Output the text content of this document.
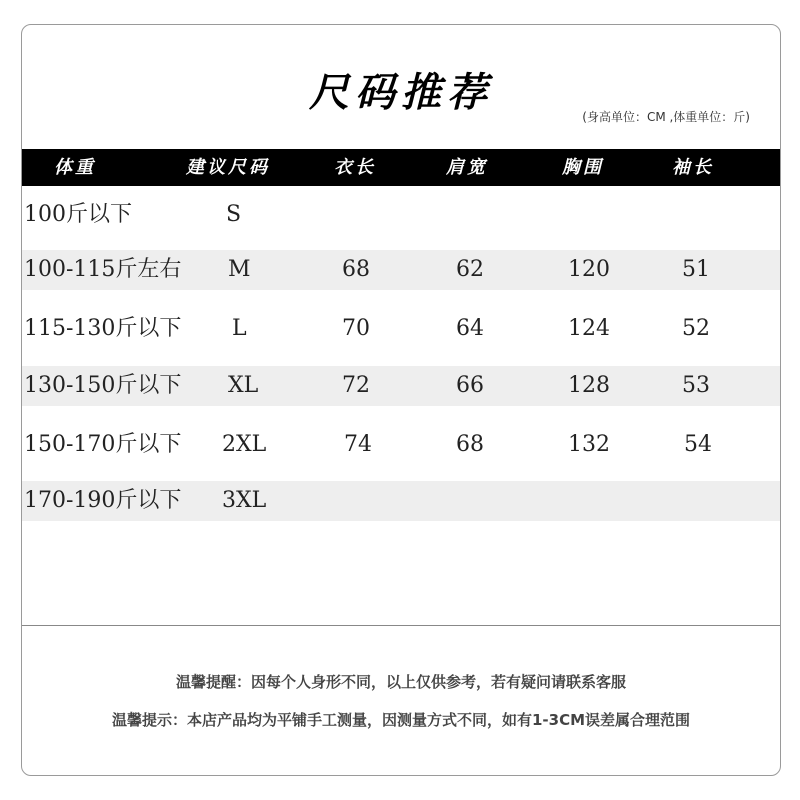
尺码推荐
(身高单位：CM ,体重单位：斤)
体重	建议尺码	衣长	肩宽	胸围	袖长
100斤以下	S
100-115斤左右 M	68	62	120	51
115-130斤以下 L	70	64	124	52
130-150斤以下 XL	72	66	128	53
150-170斤以下 2XL	74	68	132	54
170-190斤以下 3XL
温馨提醒：因每个人身形不同，以上仅供参考，若有疑问请联系客服
温馨提示：本店产品均为平铺手工测量，因测量方式不同，如有1-3CM误差属合理范围
